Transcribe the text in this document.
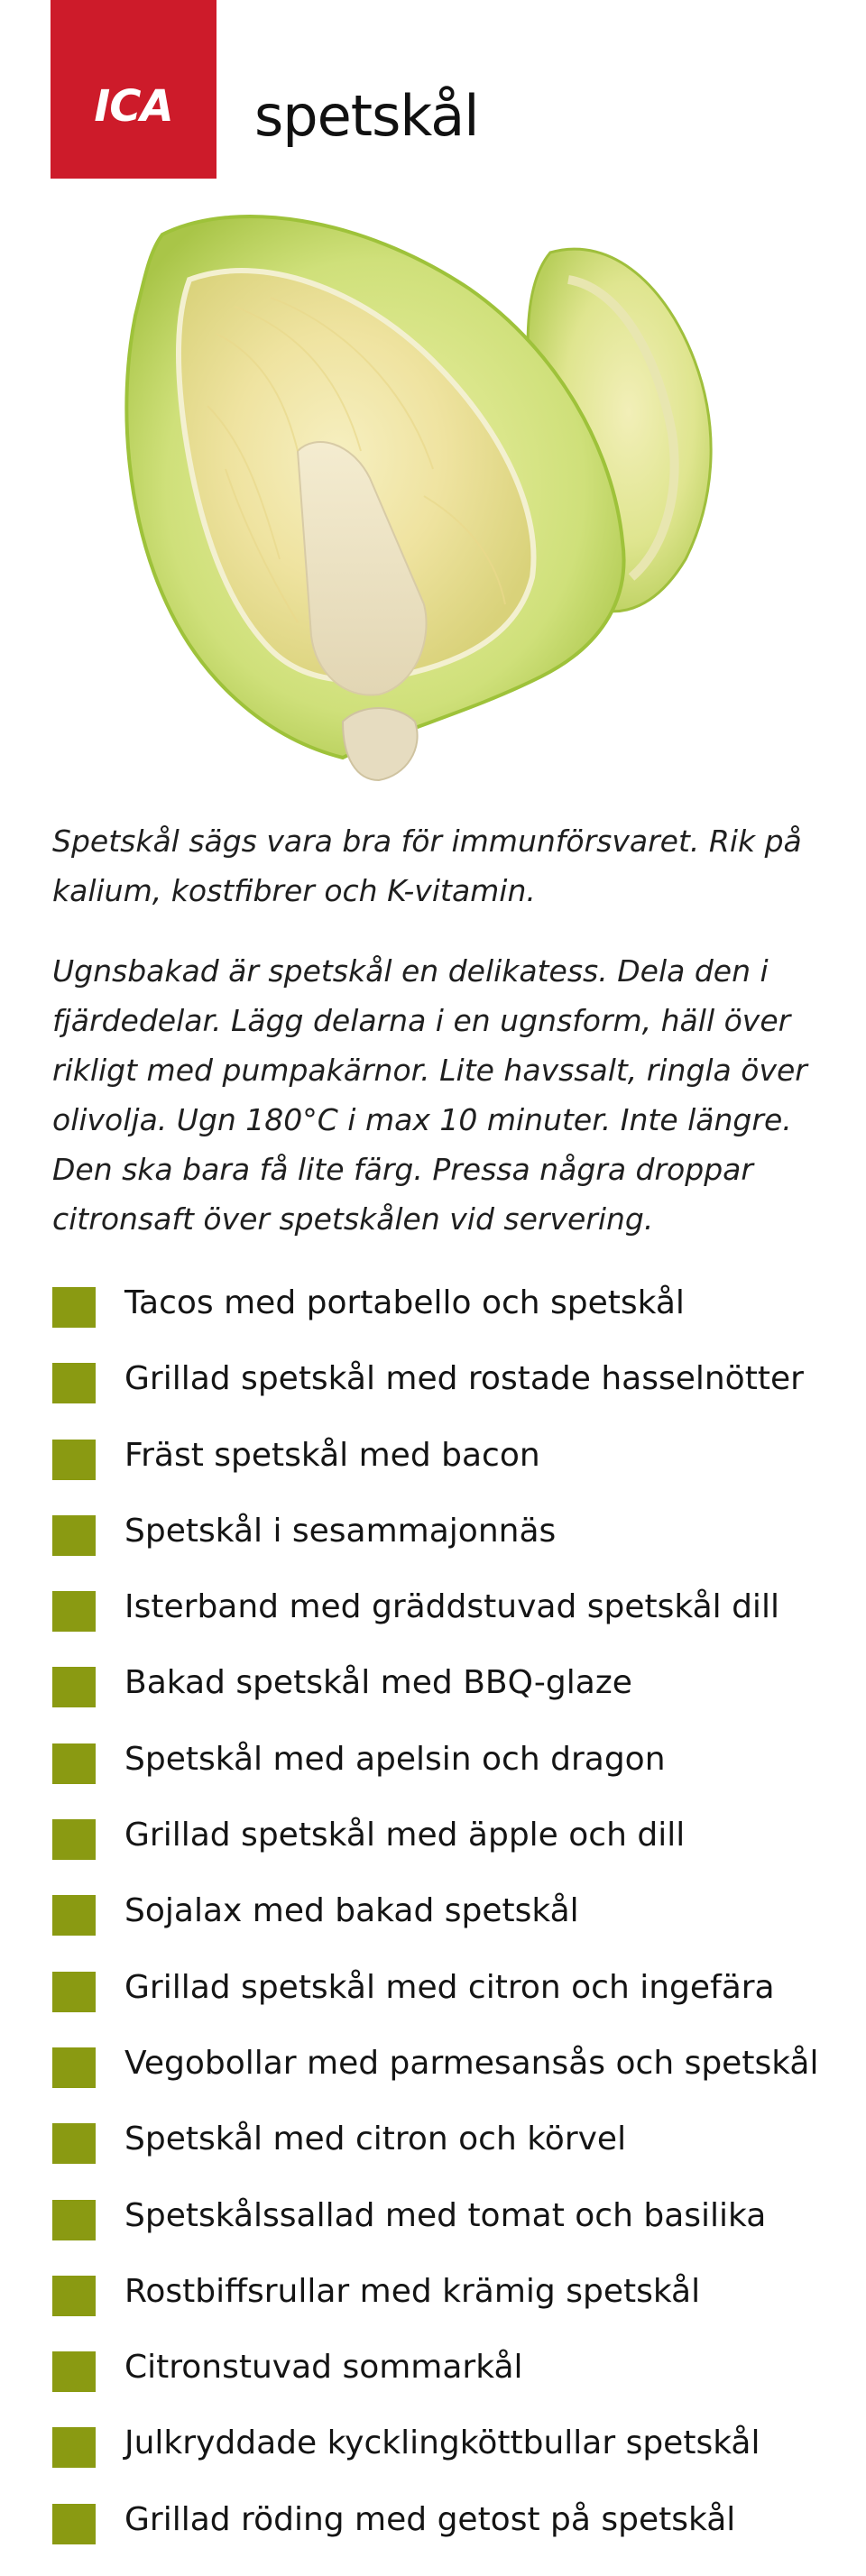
ICA spetskål
Spetskål sägs vara bra för immunförsvaret. Rik på kalium, kostfibrer och K-vitamin.
Ugnsbakad är spetskål en delikatess. Dela den i fjärdedelar. Lägg delarna i en ugnsform, häll över rikligt med pumpakärnor. Lite havssalt, ringla över olivolja. Ugn 180°C i max 10 minuter. Inte längre. Den ska bara få lite färg. Pressa några droppar citronsaft över spetskålen vid servering.
Tacos med portabello och spetskål
Grillad spetskål med rostade hasselnötter
Fräst spetskål med bacon
Spetskål i sesammajonnäs
Isterband med gräddstuvad spetskål dill
Bakad spetskål med BBQ-glaze
Spetskål med apelsin och dragon
Grillad spetskål med äpple och dill
Sojalax med bakad spetskål
Grillad spetskål med citron och ingefära
Vegobollar med parmesansås och spetskål
Spetskål med citron och körvel
Spetskålssallad med tomat och basilika
Rostbiffsrullar med krämig spetskål
Citronstuvad sommarkål
Julkryddade kycklingköttbullar spetskål
Grillad röding med getost på spetskål
